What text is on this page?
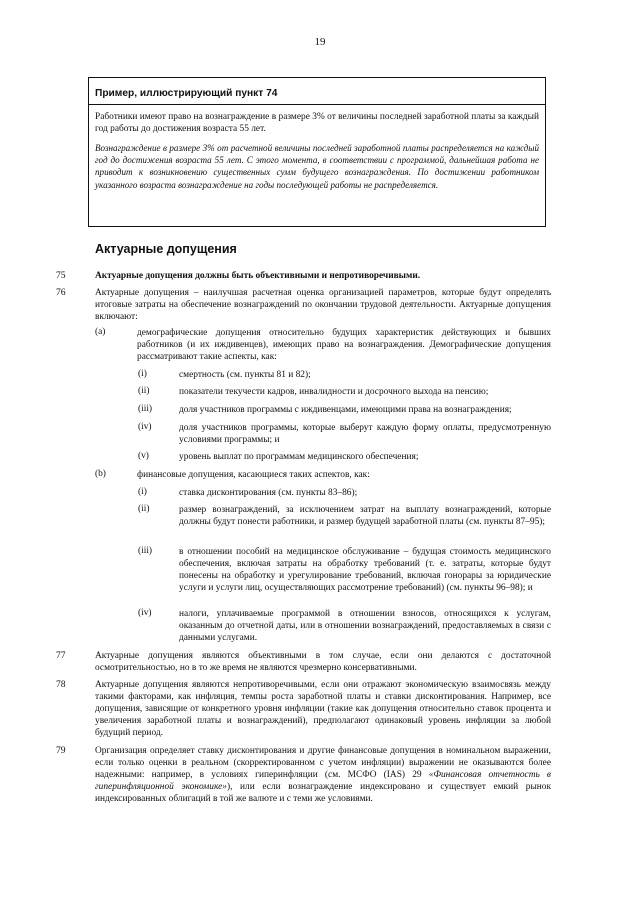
19
Пример, иллюстрирующий пункт 74

Работники имеют право на вознаграждение в размере 3% от величины последней заработной платы за каждый год работы до достижения возраста 55 лет.

Вознаграждение в размере 3% от расчетной величины последней заработной платы распределяется на каждый год до достижения возраста 55 лет. С этого момента, в соответствии с программой, дальнейшая работа не приводит к возникновению существенных сумм будущего вознаграждения. По достижении работником указанного возраста вознаграждение на годы последующей работы не распределяется.

Актуарные допущения
75	Актуарные допущения должны быть объективными и непротиворечивыми.
76	Актуарные допущения – наилучшая расчетная оценка организацией параметров, которые будут определять итоговые затраты на обеспечение вознаграждений по окончании трудовой деятельности. Актуарные допущения включают:
(a)	демографические допущения относительно будущих характеристик действующих и бывших работников (и их иждивенцев), имеющих право на вознаграждения. Демографические допущения рассматривают такие аспекты, как:
(i)	смертность (см. пункты 81 и 82);
(ii)	показатели текучести кадров, инвалидности и досрочного выхода на пенсию;
(iii)	доля участников программы с иждивенцами, имеющими права на вознаграждения;
(iv)	доля участников программы, которые выберут каждую форму оплаты, предусмотренную условиями программы; и
(v)	уровень выплат по программам медицинского обеспечения;
(b)	финансовые допущения, касающиеся таких аспектов, как:
(i)	ставка дисконтирования (см. пункты 83–86);
(ii)	размер вознаграждений, за исключением затрат на выплату вознаграждений, которые должны будут понести работники, и размер будущей заработной платы (см. пункты 87–95);
(iii)	в отношении пособий на медицинское обслуживание – будущая стоимость медицинского обеспечения, включая затраты на обработку требований (т. е. затраты, которые будут понесены на обработку и урегулирование требований, включая гонорары за юридические услуги и услуги лиц, осуществляющих рассмотрение требований) (см. пункты 96–98); и
(iv)	налоги, уплачиваемые программой в отношении взносов, относящихся к услугам, оказанным до отчетной даты, или в отношении вознаграждений, предоставляемых в связи с данными услугами.
77	Актуарные допущения являются объективными в том случае, если они делаются с достаточной осмотрительностью, но в то же время не являются чрезмерно консервативными.
78	Актуарные допущения являются непротиворечивыми, если они отражают экономическую взаимосвязь между такими факторами, как инфляция, темпы роста заработной платы и ставки дисконтирования. Например, все допущения, зависящие от конкретного уровня инфляции (такие как допущения относительно ставок процента и увеличения заработной платы и вознаграждений), предполагают одинаковый уровень инфляции за любой будущий период.
79	Организация определяет ставку дисконтирования и другие финансовые допущения в номинальном выражении, если только оценки в реальном (скорректированном с учетом инфляции) выражении не оказываются более надежными: например, в условиях гиперинфляции (см. МСФО (IAS) 29 «Финансовая отчетность в гиперинфляционной экономике»), или если вознаграждение индексировано и существует емкий рынок индексированных облигаций в той же валюте и с теми же условиями.
